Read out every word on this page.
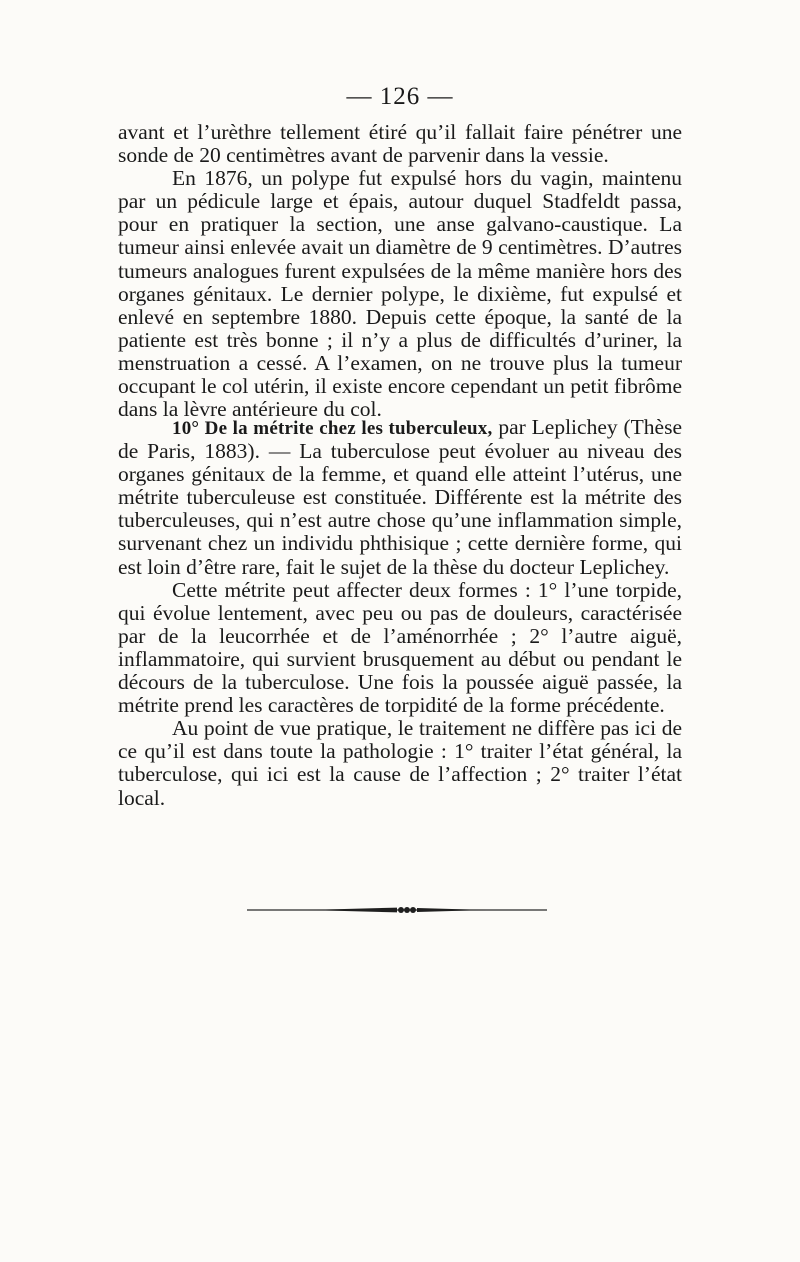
— 126 —

avant et l’urèthre tellement étiré qu’il fallait faire pénétrer une sonde de 20 centimètres avant de parvenir dans la vessie.

En 1876, un polype fut expulsé hors du vagin, maintenu par un pédicule large et épais, autour duquel Stadfeldt passa, pour en pratiquer la section, une anse galvano-caustique. La tumeur ainsi enlevée avait un diamètre de 9 centimètres. D’autres tumeurs analogues furent expulsées de la même manière hors des organes génitaux. Le dernier polype, le dixième, fut expulsé et enlevé en septembre 1880. Depuis cette époque, la santé de la patiente est très bonne ; il n’y a plus de difficultés d’uriner, la menstruation a cessé. A l’examen, on ne trouve plus la tumeur occupant le col utérin, il existe encore cependant un petit fibrôme dans la lèvre antérieure du col.

10° De la métrite chez les tuberculeux, par Leplichey (Thèse de Paris, 1883). — La tuberculose peut évoluer au niveau des organes génitaux de la femme, et quand elle atteint l’utérus, une métrite tuberculeuse est constituée. Différente est la métrite des tuberculeuses, qui n’est autre chose qu’une inflammation simple, survenant chez un individu phthisique ; cette dernière forme, qui est loin d’être rare, fait le sujet de la thèse du docteur Leplichey.

Cette métrite peut affecter deux formes : 1° l’une torpide, qui évolue lentement, avec peu ou pas de douleurs, caractérisée par de la leucorrhée et de l’aménorrhée ; 2° l’autre aiguë, inflammatoire, qui survient brusquement au début ou pendant le décours de la tuberculose. Une fois la poussée aiguë passée, la métrite prend les caractères de torpidité de la forme précédente.

Au point de vue pratique, le traitement ne diffère pas ici de ce qu’il est dans toute la pathologie : 1° traiter l’état général, la tuberculose, qui ici est la cause de l’affection ; 2° traiter l’état local.
